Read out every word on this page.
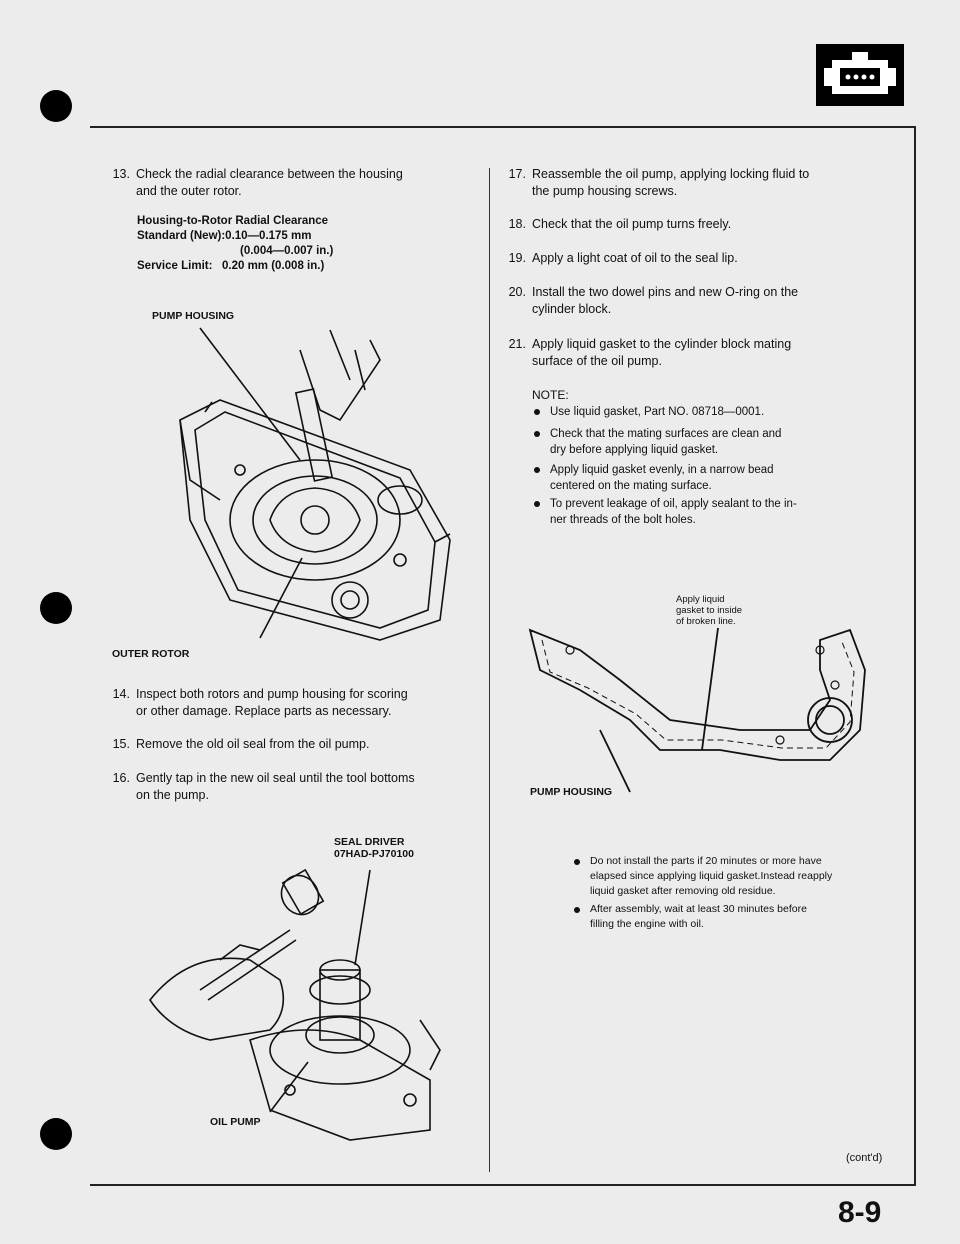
13. Check the radial clearance between the housing
and the outer rotor.
Housing-to-Rotor Radial Clearance
Standard (New):0.10—0.175 mm
(0.004—0.007 in.)
Service Limit:   0.20 mm (0.008 in.)
PUMP HOUSING
OUTER ROTOR
14. Inspect both rotors and pump housing for scoring
or other damage. Replace parts as necessary.
15. Remove the old oil seal from the oil pump.
16. Gently tap in the new oil seal until the tool bottoms
on the pump.
SEAL DRIVER
07HAD-PJ70100
OIL PUMP
17. Reassemble the oil pump, applying locking fluid to
the pump housing screws.
18. Check that the oil pump turns freely.
19. Apply a light coat of oil to the seal lip.
20. Install the two dowel pins and new O-ring on the
cylinder block.
21. Apply liquid gasket to the cylinder block mating
surface of the oil pump.
NOTE:
Use liquid gasket, Part NO. 08718—0001.
Check that the mating surfaces are clean and
dry before applying liquid gasket.
Apply liquid gasket evenly, in a narrow bead
centered on the mating surface.
To prevent leakage of oil, apply sealant to the in-
ner threads of the bolt holes.
Apply liquid
gasket to inside
of broken line.
PUMP HOUSING
Do not install the parts if 20 minutes or more have
elapsed since applying liquid gasket.Instead reapply
liquid gasket after removing old residue.
After assembly, wait at least 30 minutes before
filling the engine with oil.
(cont'd)
8-9
